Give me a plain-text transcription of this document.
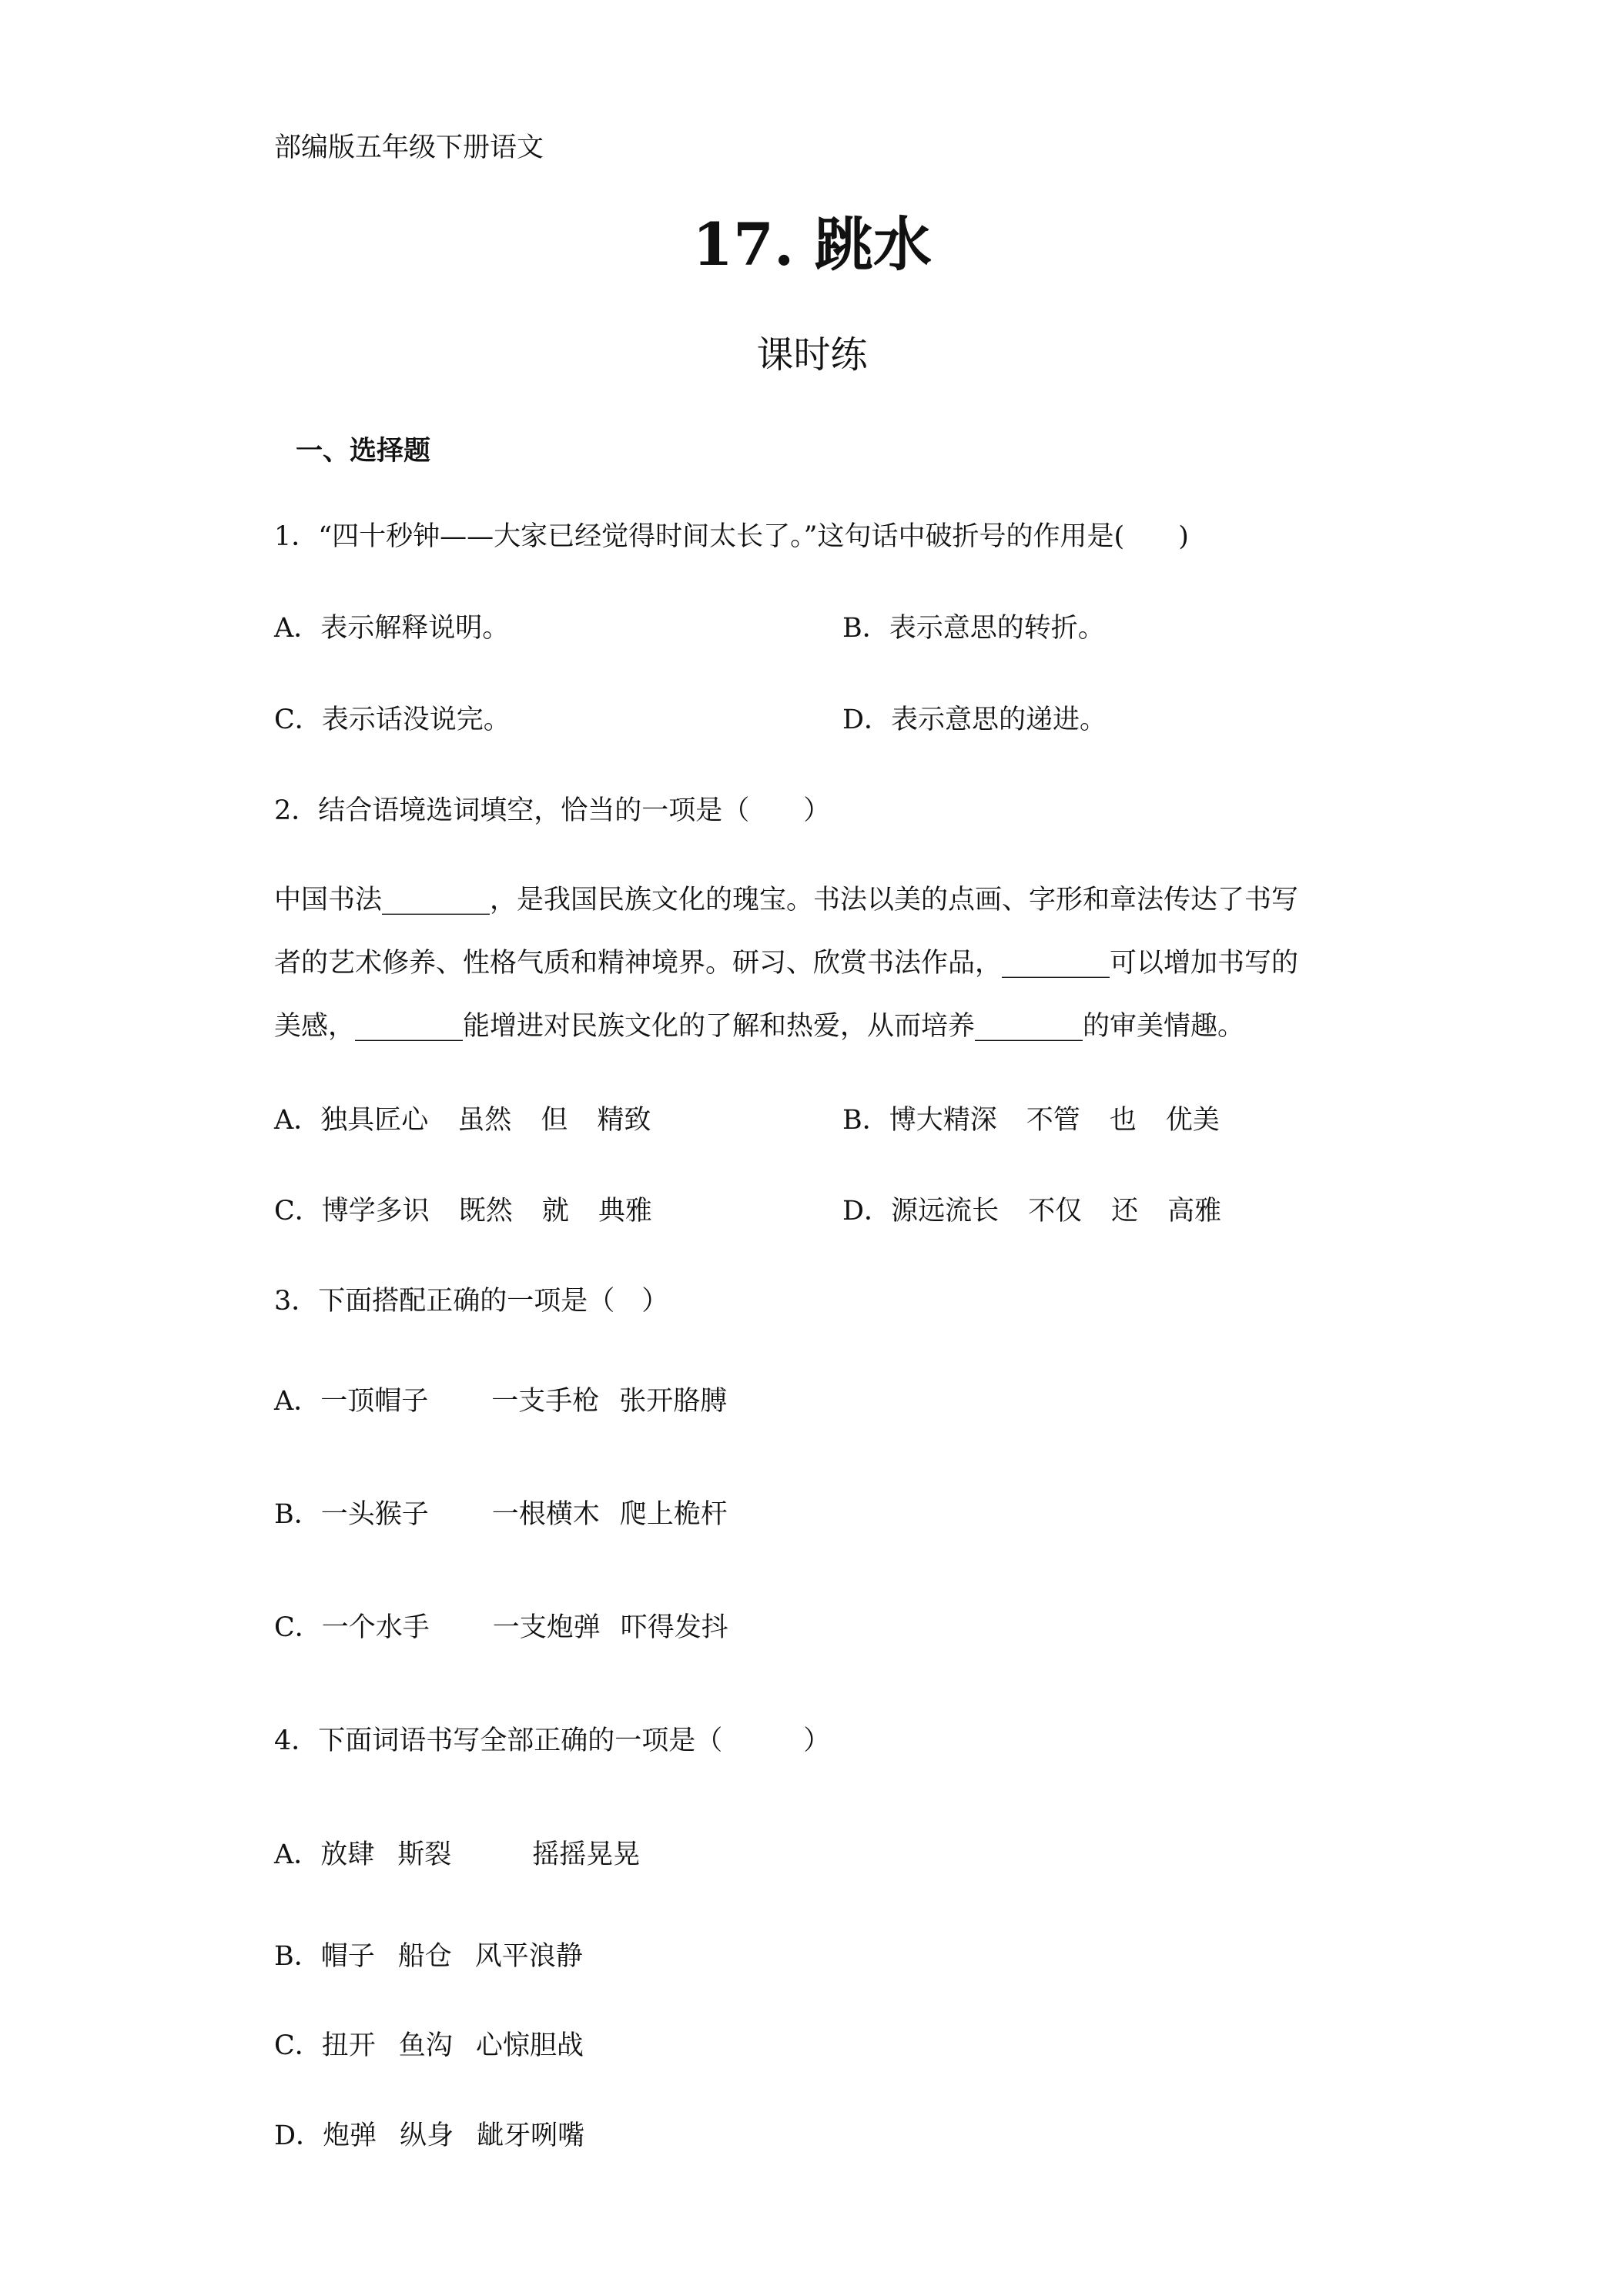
部编版五年级下册语文
17. 跳水
课时练
一、选择题
1．“四十秒钟——大家已经觉得时间太长了。”这句话中破折号的作用是(　　)
A．表示解释说明。	B．表示意思的转折。
C．表示话没说完。	D．表示意思的递进。
2．结合语境选词填空，恰当的一项是（　　）
中国书法________，是我国民族文化的瑰宝。书法以美的点画、字形和章法传达了书写
者的艺术修养、性格气质和精神境界。研习、欣赏书法作品，________可以增加书写的
美感，________能增进对民族文化的了解和热爱，从而培养________的审美情趣。
A．独具匠心 虽然 但 精致	B．博大精深 不管 也 优美
C．博学多识 既然 就 典雅	D．源远流长 不仅 还 高雅
3．下面搭配正确的一项是（　）
A．一顶帽子 一支手枪 张开胳膊
B．一头猴子 一根横木 爬上桅杆
C．一个水手 一支炮弹 吓得发抖
4．下面词语书写全部正确的一项是（　　　）
A．放肆 斯裂	摇摇晃晃
B．帽子 船仓 风平浪静
C．扭开 鱼沟 心惊胆战
D．炮弹 纵身 龇牙咧嘴
